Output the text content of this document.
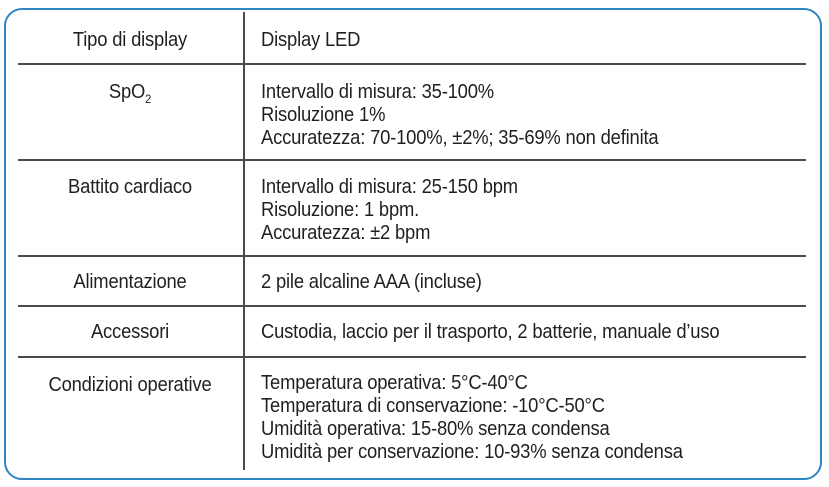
Tipo di display	Display LED
SpO$_2$	Intervallo di misura: 35-100%
Risoluzione 1%
Accuratezza: 70-100%, ±2%; 35-69% non definita
Battito cardiaco	Intervallo di misura: 25-150 bpm
Risoluzione: 1 bpm.
Accuratezza: ±2 bpm
Alimentazione	2 pile alcaline AAA (incluse)
Accessori	Custodia, laccio per il trasporto, 2 batterie, manuale d’uso
Condizioni operative	Temperatura operativa: 5°C-40°C
Temperatura di conservazione: -10°C-50°C
Umidità operativa: 15-80% senza condensa
Umidità per conservazione: 10-93% senza condensa
